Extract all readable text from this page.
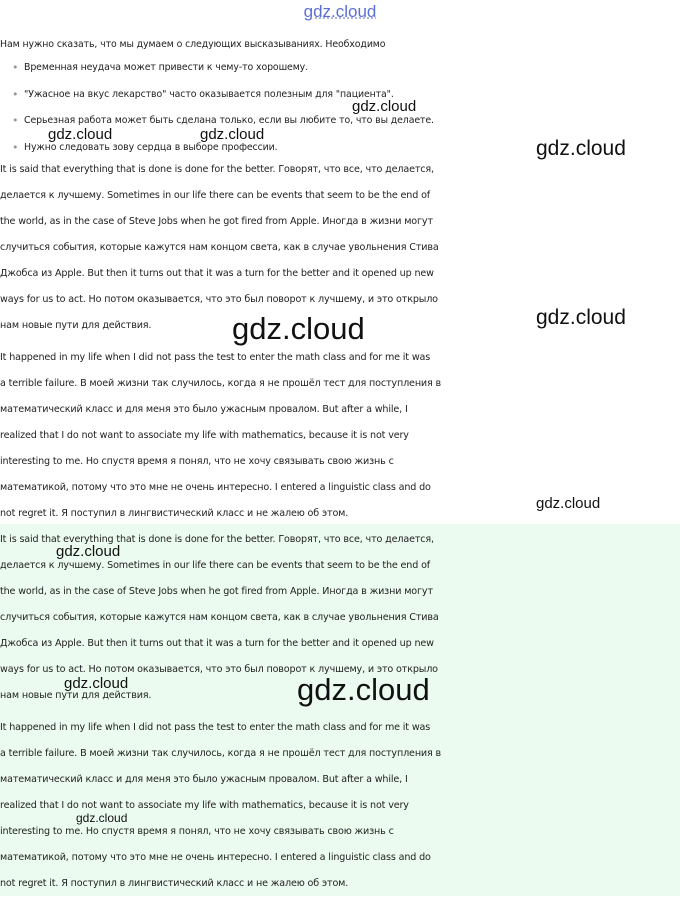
gdz.cloud
Нам нужно сказать, что мы думаем о следующих высказываниях. Необходимо
• Временная неудача может привести к чему-то хорошему.
• "Ужасное на вкус лекарство" часто оказывается полезным для "пациента".
• Серьезная работа может быть сделана только, если вы любите то, что вы делаете.
• Нужно следовать зову сердца в выборе профессии.
It is said that everything that is done is done for the better. Говорят, что все, что делается,
делается к лучшему. Sometimes in our life there can be events that seem to be the end of
the world, as in the case of Steve Jobs when he got fired from Apple. Иногда в жизни могут
случиться события, которые кажутся нам концом света, как в случае увольнения Стива
Джобса из Apple. But then it turns out that it was a turn for the better and it opened up new
ways for us to act. Но потом оказывается, что это был поворот к лучшему, и это открыло
нам новые пути для действия.
It happened in my life when I did not pass the test to enter the math class and for me it was
a terrible failure. В моей жизни так случилось, когда я не прошёл тест для поступления в
математический класс и для меня это было ужасным провалом. But after a while, I
realized that I do not want to associate my life with mathematics, because it is not very
interesting to me. Но спустя время я понял, что не хочу связывать свою жизнь с
математикой, потому что это мне не очень интересно. I entered a linguistic class and do
not regret it. Я поступил в лингвистический класс и не жалею об этом.
It is said that everything that is done is done for the better. Говорят, что все, что делается,
делается к лучшему. Sometimes in our life there can be events that seem to be the end of
the world, as in the case of Steve Jobs when he got fired from Apple. Иногда в жизни могут
случиться события, которые кажутся нам концом света, как в случае увольнения Стива
Джобса из Apple. But then it turns out that it was a turn for the better and it opened up new
ways for us to act. Но потом оказывается, что это был поворот к лучшему, и это открыло
нам новые пути для действия.
It happened in my life when I did not pass the test to enter the math class and for me it was
a terrible failure. В моей жизни так случилось, когда я не прошёл тест для поступления в
математический класс и для меня это было ужасным провалом. But after a while, I
realized that I do not want to associate my life with mathematics, because it is not very
interesting to me. Но спустя время я понял, что не хочу связывать свою жизнь с
математикой, потому что это мне не очень интересно. I entered a linguistic class and do
not regret it. Я поступил в лингвистический класс и не жалею об этом.
gdz.cloud
gdz.cloud	gdz.cloud
gdz.cloud
gdz.cloud	gdz.cloud
gdz.cloud
gdz.cloud
gdz.cloud	gdz.cloud
gdz.cloud
